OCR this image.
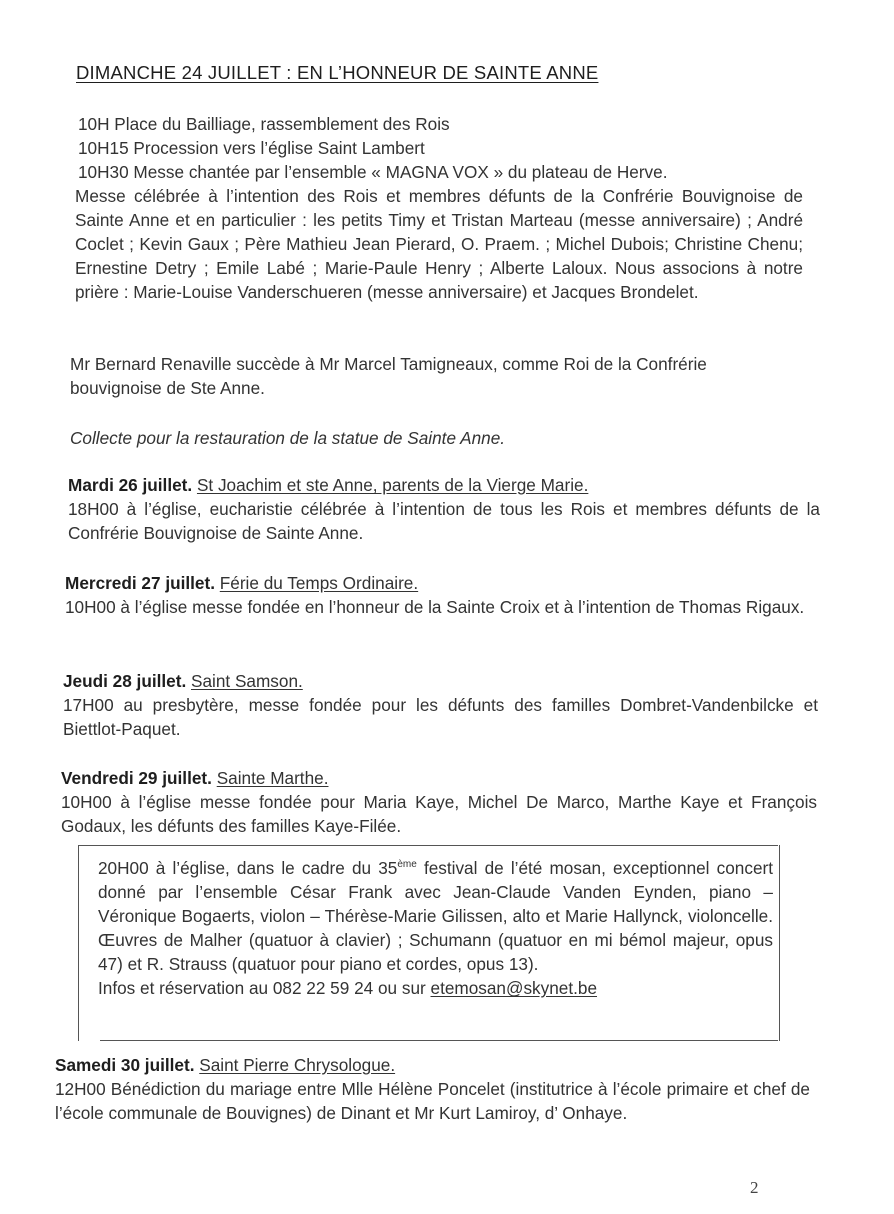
DIMANCHE 24 JUILLET : EN L’HONNEUR DE SAINTE ANNE

10H Place du Bailliage, rassemblement des Rois

10H15 Procession vers l’église Saint Lambert

10H30 Messe chantée par l’ensemble « MAGNA VOX » du plateau de Herve.

Messe célébrée à l’intention des Rois et membres défunts de la Confrérie Bouvignoise de Sainte Anne et en particulier : les petits Timy et Tristan Marteau (messe anniversaire) ; André Coclet ; Kevin Gaux ; Père Mathieu Jean Pierard, O. Praem. ; Michel Dubois; Christine Chenu; Ernestine Detry ; Emile Labé ; Marie-Paule Henry ; Alberte Laloux. Nous associons à notre prière : Marie-Louise Vanderschueren (messe anniversaire) et Jacques Brondelet.

Mr Bernard Renaville succède à Mr Marcel Tamigneaux, comme Roi de la Confrérie bouvignoise de Ste Anne.

Collecte pour la restauration de la statue de Sainte Anne.

Mardi 26 juillet. St Joachim et ste Anne, parents de la Vierge Marie.

18H00 à l’église, eucharistie célébrée à l’intention de tous les Rois et membres défunts de la Confrérie Bouvignoise de Sainte Anne.

Mercredi 27 juillet. Férie du Temps Ordinaire.

10H00 à l’église messe fondée en l’honneur de la Sainte Croix et à l’intention de Thomas Rigaux.

Jeudi 28 juillet. Saint Samson.

17H00 au presbytère, messe fondée pour les défunts des familles Dombret-Vandenbilcke et Biettlot-Paquet.

Vendredi 29 juillet. Sainte Marthe.

10H00 à l’église messe fondée pour Maria Kaye, Michel De Marco, Marthe Kaye et François Godaux, les défunts des familles Kaye-Filée.

20H00 à l’église, dans le cadre du 35ème festival de l’été mosan, exceptionnel concert donné par l’ensemble César Frank avec Jean-Claude Vanden Eynden, piano – Véronique Bogaerts, violon – Thérèse-Marie Gilissen, alto et Marie Hallynck, violoncelle. Œuvres de Malher (quatuor à clavier) ; Schumann (quatuor en mi bémol majeur, opus 47) et R. Strauss (quatuor pour piano et cordes, opus 13).

Infos et réservation au 082 22 59 24 ou sur etemosan@skynet.be

Samedi 30 juillet. Saint Pierre Chrysologue.

12H00 Bénédiction du mariage entre Mlle Hélène Poncelet (institutrice à l’école primaire et chef de l’école communale de Bouvignes) de Dinant et Mr Kurt Lamiroy, d’ Onhaye.

2
